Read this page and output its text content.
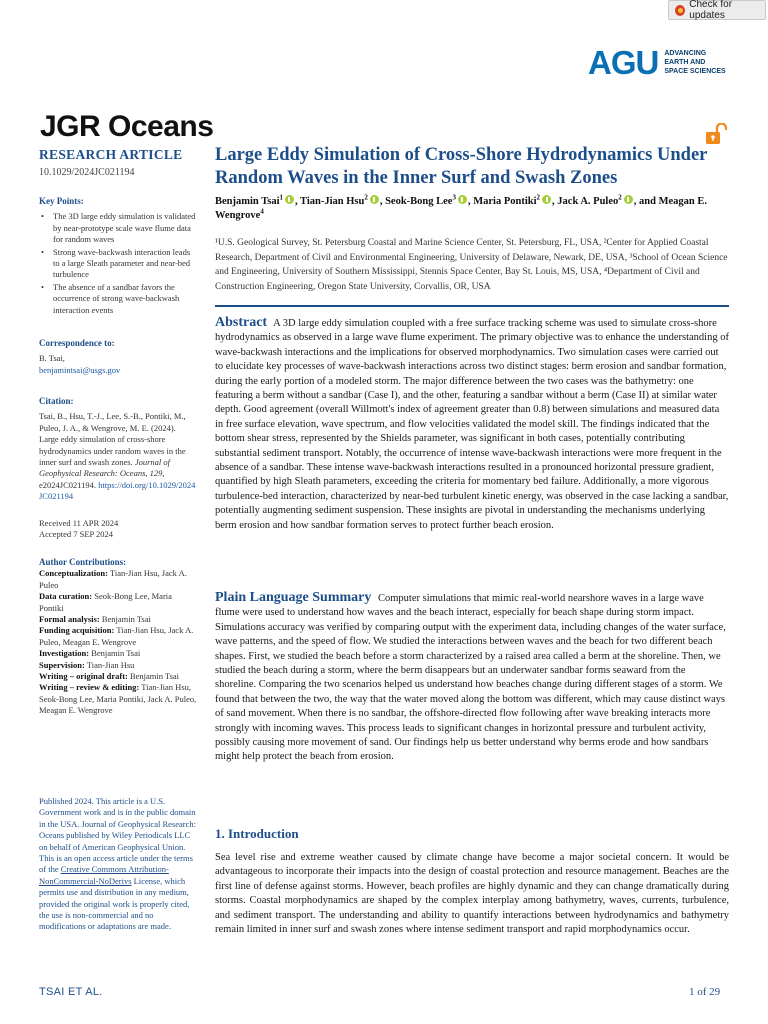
Check for updates
AGU ADVANCING
EARTH AND
SPACE SCIENCES
JGR Oceans
RESEARCH ARTICLE
10.1029/2024JC021194

Key Points:

• The 3D large eddy simulation is validated by near-prototype scale wave flume data for random waves
• Strong wave-backwash interaction leads to a large Sleath parameter and near-bed turbulence
• The absence of a sandbar favors the occurrence of strong wave-backwash interaction events

Correspondence to:

B. Tsai,
benjamintsai@usgs.gov

Citation:

Tsai, B., Hsu, T.-J., Lee, S.-B., Pontiki, M., Puleo, J. A., & Wengrove, M. E. (2024). Large eddy simulation of cross-shore hydrodynamics under random waves in the inner surf and swash zones. Journal of Geophysical Research: Oceans, 129, e2024JC021194. https://doi.org/10.1029/2024JC021194
Received 11 APR 2024
Accepted 7 SEP 2024

Author Contributions:

Conceptualization: Tian-Jian Hsu, Jack A. Puleo

Data curation: Seok-Bong Lee, Maria Pontiki

Formal analysis: Benjamin Tsai

Funding acquisition: Tian-Jian Hsu, Jack A. Puleo, Meagan E. Wengrove

Investigation: Benjamin Tsai

Supervision: Tian-Jian Hsu

Writing – original draft: Benjamin Tsai

Writing – review & editing: Tian-Jian Hsu, Seok-Bong Lee, Maria Pontiki, Jack A. Puleo, Meagan E. Wengrove

Published 2024. This article is a U.S. Government work and is in the public domain in the USA. Journal of Geophysical Research: Oceans published by Wiley Periodicals LLC on behalf of American Geophysical Union.
This is an open access article under the terms of the Creative Commons Attribution-NonCommercial-NoDerivs License, which permits use and distribution in any medium, provided the original work is properly cited, the use is non-commercial and no modifications or adaptations are made.
Large Eddy Simulation of Cross-Shore Hydrodynamics Under Random Waves in the Inner Surf and Swash Zones
Benjamin Tsai$^1$ , Tian-Jian Hsu$^2$ , Seok-Bong Lee$^3$ , Maria Pontiki$^2$ , Jack A. Puleo$^2$ , and Meagan E. Wengrove$^4$
¹U.S. Geological Survey, St. Petersburg Coastal and Marine Science Center, St. Petersburg, FL, USA, ²Center for Applied Coastal Research, Department of Civil and Environmental Engineering, University of Delaware, Newark, DE, USA, ³School of Ocean Science and Engineering, University of Southern Mississippi, Stennis Space Center, Bay St. Louis, MS, USA, ⁴Department of Civil and Construction Engineering, Oregon State University, Corvallis, OR, USA
Abstract A 3D large eddy simulation coupled with a free surface tracking scheme was used to simulate cross-shore hydrodynamics as observed in a large wave flume experiment. The primary objective was to enhance the understanding of wave-backwash interactions and the implications for observed morphodynamics. Two simulation cases were carried out to elucidate key processes of wave-backwash interactions across two distinct stages: berm erosion and sandbar formation, during the early portion of a modeled storm. The major difference between the two cases was the bathymetry: one featuring a berm without a sandbar (Case I), and the other, featuring a sandbar without a berm (Case II) at similar water depth. Good agreement (overall Willmott's index of agreement greater than 0.8) between simulations and measured data in free surface elevation, wave spectrum, and flow velocities validated the model skill. The findings indicated that the bottom shear stress, represented by the Shields parameter, was significant in both cases, potentially contributing substantial sediment transport. Notably, the occurrence of intense wave-backwash interactions were more frequent in the absence of a sandbar. These intense wave-backwash interactions resulted in a pronounced horizontal pressure gradient, quantified by high Sleath parameters, exceeding the criteria for momentary bed failure. Additionally, a more vigorous turbulence-bed interaction, characterized by near-bed turbulent kinetic energy, was observed in the case lacking a sandbar, potentially augmenting sediment suspension. These insights are pivotal in understanding the mechanisms underlying berm erosion and how sandbar formation serves to protect further beach erosion.
Plain Language Summary Computer simulations that mimic real-world nearshore waves in a large wave flume were used to understand how waves and the beach interact, especially for beach shape during storm impact. Simulations accuracy was verified by comparing output with the experiment data, including changes of the water surface, wave patterns, and the speed of flow. We studied the interactions between waves and the beach for two different beach shapes. First, we studied the beach before a storm characterized by a raised area called a berm at the shoreline. Then, we studied the beach during a storm, where the berm disappears but an underwater sandbar forms seaward from the shoreline. Comparing the two scenarios helped us understand how beaches change during different stages of a storm. We found that between the two, the way that the water moved along the bottom was different, which may cause distinct ways of sand movement. When there is no sandbar, the offshore-directed flow following after wave breaking interacts more strongly with incoming waves. This process leads to significant changes in horizontal pressure and turbulent activity, possibly causing more movement of sand. Our findings help us better understand why berms erode and how sandbars might help protect the beach from erosion.
1. Introduction
Sea level rise and extreme weather caused by climate change have become a major societal concern. It would be advantageous to incorporate their impacts into the design of coastal protection and resource management. Beaches are the first line of defense against storms. However, beach profiles are highly dynamic and they can change dramatically during storms. Coastal morphodynamics are shaped by the complex interplay among bathymetry, waves, currents, turbulence, and sediment transport. The understanding and ability to quantify interactions between hydrodynamics and bathymetry remain limited in inner surf and swash zones where intense sediment transport and rapid morphodynamics occur.
TSAI ET AL.	1 of 29
